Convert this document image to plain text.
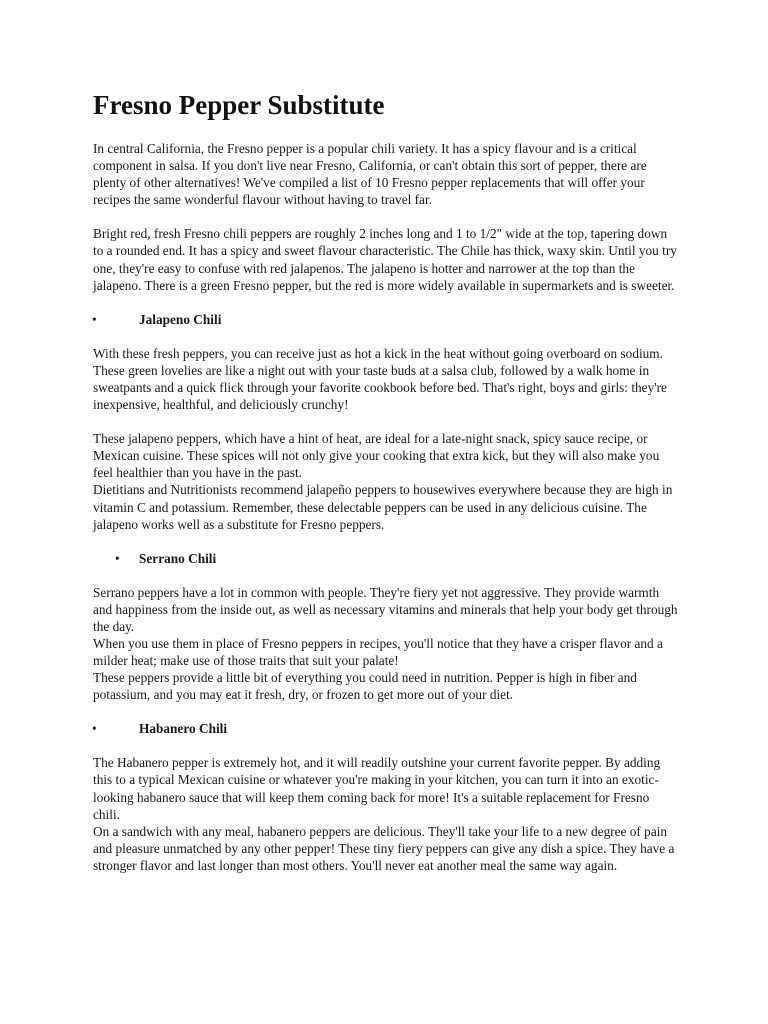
Fresno Pepper Substitute

In central California, the Fresno pepper is a popular chili variety. It has a spicy flavour and is a critical component in salsa. If you don't live near Fresno, California, or can't obtain this sort of pepper, there are plenty of other alternatives! We've compiled a list of 10 Fresno pepper replacements that will offer your recipes the same wonderful flavour without having to travel far.

Bright red, fresh Fresno chili peppers are roughly 2 inches long and 1 to 1/2" wide at the top, tapering down to a rounded end. It has a spicy and sweet flavour characteristic. The Chile has thick, waxy skin. Until you try one, they're easy to confuse with red jalapenos. The jalapeno is hotter and narrower at the top than the jalapeno. There is a green Fresno pepper, but the red is more widely available in supermarkets and is sweeter.

•	Jalapeno Chili

With these fresh peppers, you can receive just as hot a kick in the heat without going overboard on sodium. These green lovelies are like a night out with your taste buds at a salsa club, followed by a walk home in sweatpants and a quick flick through your favorite cookbook before bed. That's right, boys and girls: they're inexpensive, healthful, and deliciously crunchy!

These jalapeno peppers, which have a hint of heat, are ideal for a late-night snack, spicy sauce recipe, or Mexican cuisine. These spices will not only give your cooking that extra kick, but they will also make you feel healthier than you have in the past.

Dietitians and Nutritionists recommend jalapeño peppers to housewives everywhere because they are high in vitamin C and potassium. Remember, these delectable peppers can be used in any delicious cuisine. The jalapeno works well as a substitute for Fresno peppers.

• Serrano Chili

Serrano peppers have a lot in common with people. They're fiery yet not aggressive. They provide warmth and happiness from the inside out, as well as necessary vitamins and minerals that help your body get through the day.

When you use them in place of Fresno peppers in recipes, you'll notice that they have a crisper flavor and a milder heat; make use of those traits that suit your palate!

These peppers provide a little bit of everything you could need in nutrition. Pepper is high in fiber and potassium, and you may eat it fresh, dry, or frozen to get more out of your diet.

•	Habanero Chili

The Habanero pepper is extremely hot, and it will readily outshine your current favorite pepper. By adding this to a typical Mexican cuisine or whatever you're making in your kitchen, you can turn it into an exotic-looking habanero sauce that will keep them coming back for more! It's a suitable replacement for Fresno chili.

On a sandwich with any meal, habanero peppers are delicious. They'll take your life to a new degree of pain and pleasure unmatched by any other pepper! These tiny fiery peppers can give any dish a spice. They have a stronger flavor and last longer than most others. You'll never eat another meal the same way again.
